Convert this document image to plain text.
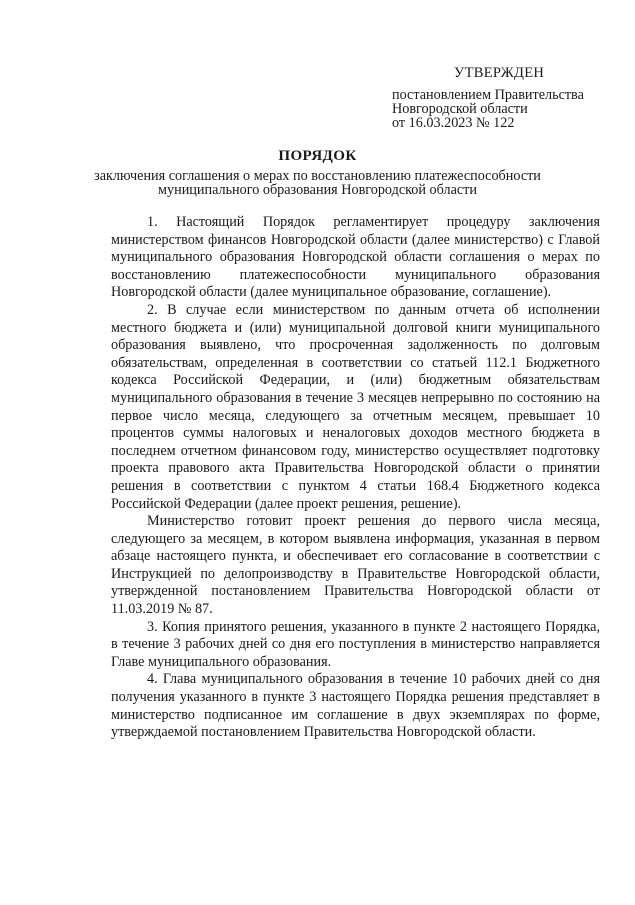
УТВЕРЖДЕН
постановлением Правительства
Новгородской области
от 16.03.2023 № 122
ПОРЯДОК
заключения соглашения о мерах по восстановлению платежеспособности
муниципального образования Новгородской области

1. Настоящий Порядок регламентирует процедуру заключения министерством финансов Новгородской области (далее министерство) с Главой муниципального образования Новгородской области соглашения о мерах по восстановлению платежеспособности муниципального образования Новгородской области (далее муниципальное образование, соглашение).

2. В случае если министерством по данным отчета об исполнении местного бюджета и (или) муниципальной долговой книги муниципального образования выявлено, что просроченная задолженность по долговым обязательствам, определенная в соответствии со статьей 112.1 Бюджетного кодекса Российской Федерации, и (или) бюджетным обязательствам муниципального образования в течение 3 месяцев непрерывно по состоянию на первое число месяца, следующего за отчетным месяцем, превышает 10 процентов суммы налоговых и неналоговых доходов местного бюджета в последнем отчетном финансовом году, министерство осуществляет подготовку проекта правового акта Правительства Новгородской области о принятии решения в соответствии с пунктом 4 статьи 168.4 Бюджетного кодекса Российской Федерации (далее проект решения, решение).

Министерство готовит проект решения до первого числа месяца, следующего за месяцем, в котором выявлена информация, указанная в первом абзаце настоящего пункта, и обеспечивает его согласование в соответствии с Инструкцией по делопроизводству в Правительстве Новгородской области, утвержденной постановлением Правительства Новгородской области от 11.03.2019 № 87.

3. Копия принятого решения, указанного в пункте 2 настоящего Порядка, в течение 3 рабочих дней со дня его поступления в министерство направляется Главе муниципального образования.

4. Глава муниципального образования в течение 10 рабочих дней со дня получения указанного в пункте 3 настоящего Порядка решения представляет в министерство подписанное им соглашение в двух экземплярах по форме, утверждаемой постановлением Правительства Новгородской области.
